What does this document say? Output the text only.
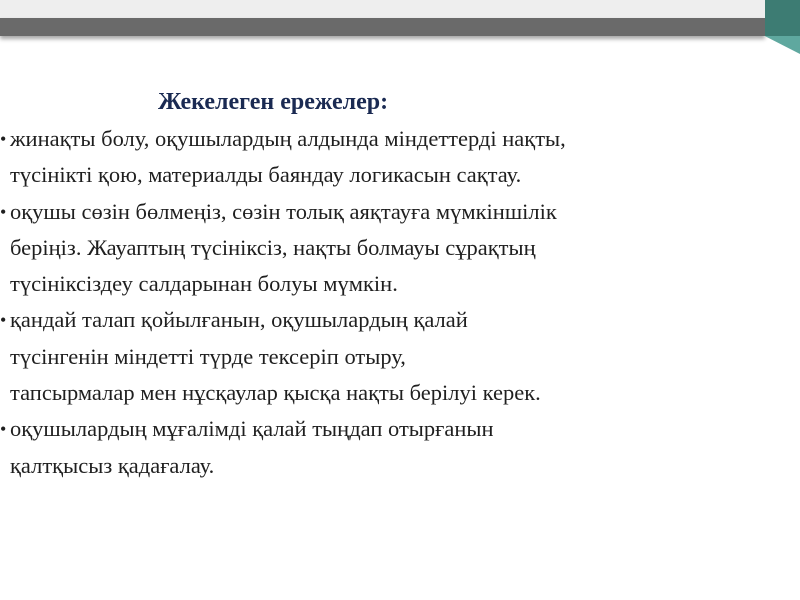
Жекелеген ережелер:
• жинақты болу, оқушылардың алдында міндеттерді нақты,
түсінікті қою, материалды баяндау логикасын сақтау.
• оқушы сөзін бөлмеңіз, сөзін толық аяқтауға мүмкіншілік
беріңіз. Жауаптың түсініксіз, нақты болмауы сұрақтың
түсініксіздеу салдарынан болуы мүмкін.
• қандай талап қойылғанын, оқушылардың қалай
түсінгенін міндетті түрде тексеріп отыру,
тапсырмалар мен нұсқаулар қысқа нақты берілуі керек.
• оқушылардың мұғалімді қалай тыңдап отырғанын
қалтқысыз қадағалау.
